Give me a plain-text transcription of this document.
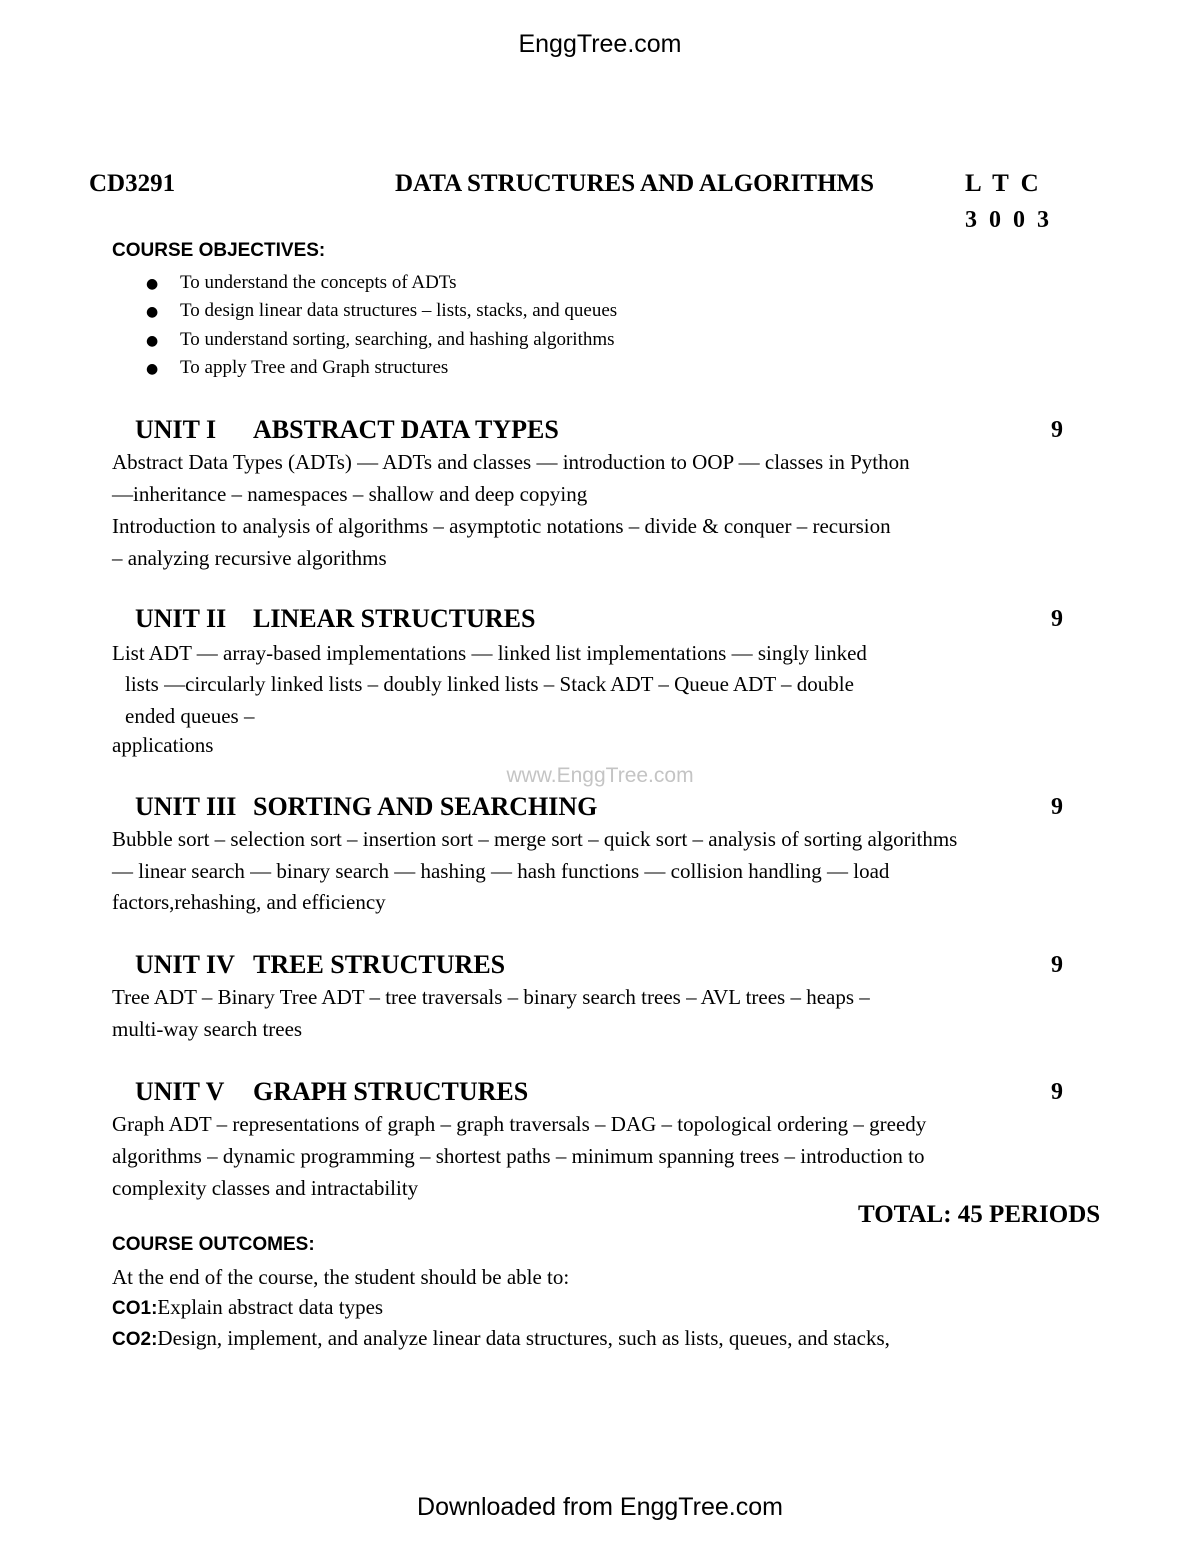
EnggTree.com
CD3291	DATA STRUCTURES AND ALGORITHMS	L T C
3 0 0 3
COURSE OBJECTIVES:
● To understand the concepts of ADTs
● To design linear data structures – lists, stacks, and queues
● To understand sorting, searching, and hashing algorithms
● To apply Tree and Graph structures
UNIT I ABSTRACT DATA TYPES	9
Abstract Data Types (ADTs) — ADTs and classes — introduction to OOP — classes in Python
—inheritance – namespaces – shallow and deep copying
Introduction to analysis of algorithms – asymptotic notations – divide & conquer – recursion
– analyzing recursive algorithms
UNIT II LINEAR STRUCTURES	9
List ADT — array-based implementations — linked list implementations — singly linked
lists —circularly linked lists – doubly linked lists – Stack ADT – Queue ADT – double
ended queues –
applications
www.EnggTree.com
UNIT III SORTING AND SEARCHING	9
Bubble sort – selection sort – insertion sort – merge sort – quick sort – analysis of sorting algorithms
— linear search — binary search — hashing — hash functions — collision handling — load
factors,rehashing, and efficiency
UNIT IV TREE STRUCTURES	9
Tree ADT – Binary Tree ADT – tree traversals – binary search trees – AVL trees – heaps –
multi-way search trees
UNIT V GRAPH STRUCTURES	9
Graph ADT – representations of graph – graph traversals – DAG – topological ordering – greedy
algorithms – dynamic programming – shortest paths – minimum spanning trees – introduction to
complexity classes and intractability
TOTAL: 45 PERIODS
COURSE OUTCOMES:
At the end of the course, the student should be able to:
CO1:Explain abstract data types
CO2:Design, implement, and analyze linear data structures, such as lists, queues, and stacks,
Downloaded from EnggTree.com
